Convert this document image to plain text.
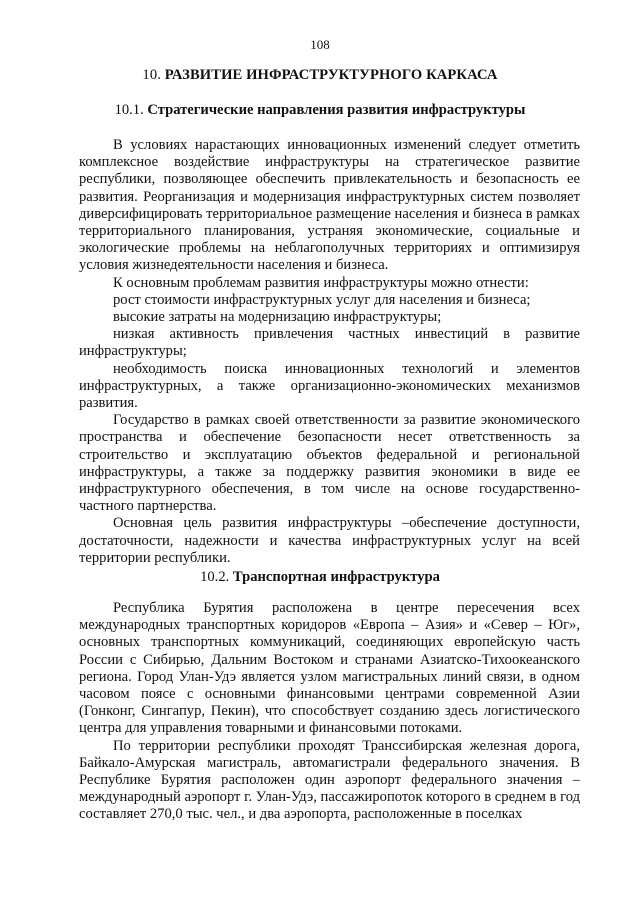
108
10. РАЗВИТИЕ ИНФРАСТРУКТУРНОГО КАРКАСА
10.1. Стратегические направления развития инфраструктуры

В условиях нарастающих инновационных изменений следует отметить комплексное воздействие инфраструктуры на стратегическое развитие республики, позволяющее обеспечить привлекательность и безопасность ее развития. Реорганизация и модернизация инфраструктурных систем позволяет диверсифицировать территориальное размещение населения и бизнеса в рамках территориального планирования, устраняя экономические, социальные и экологические проблемы на неблагополучных территориях и оптимизируя условия жизнедеятельности населения и бизнеса.

К основным проблемам развития инфраструктуры можно отнести:

рост стоимости инфраструктурных услуг для населения и бизнеса;

высокие затраты на модернизацию инфраструктуры;

низкая активность привлечения частных инвестиций в развитие инфраструктуры;

необходимость поиска инновационных технологий и элементов инфраструктурных, а также организационно-экономических механизмов развития.

Государство в рамках своей ответственности за развитие экономического пространства и обеспечение безопасности несет ответственность за строительство и эксплуатацию объектов федеральной и региональной инфраструктуры, а также за поддержку развития экономики в виде ее инфраструктурного обеспечения, в том числе на основе государственно-частного партнерства.

Основная цель развития инфраструктуры –обеспечение доступности, достаточности, надежности и качества инфраструктурных услуг на всей территории республики.

10.2. Транспортная инфраструктура

Республика Бурятия расположена в центре пересечения всех международных транспортных коридоров «Европа – Азия» и «Север – Юг», основных транспортных коммуникаций, соединяющих европейскую часть России с Сибирью, Дальним Востоком и странами Азиатско-Тихоокеанского региона. Город Улан-Удэ является узлом магистральных линий связи, в одном часовом поясе с основными финансовыми центрами современной Азии (Гонконг, Сингапур, Пекин), что способствует созданию здесь логистического центра для управления товарными и финансовыми потоками.

По территории республики проходят Транссибирская железная дорога, Байкало-Амурская магистраль, автомагистрали федерального значения. В Республике Бурятия расположен один аэропорт федерального значения – международный аэропорт г. Улан-Удэ, пассажиропоток которого в среднем в год составляет 270,0 тыс. чел., и два аэропорта, расположенные в поселках
